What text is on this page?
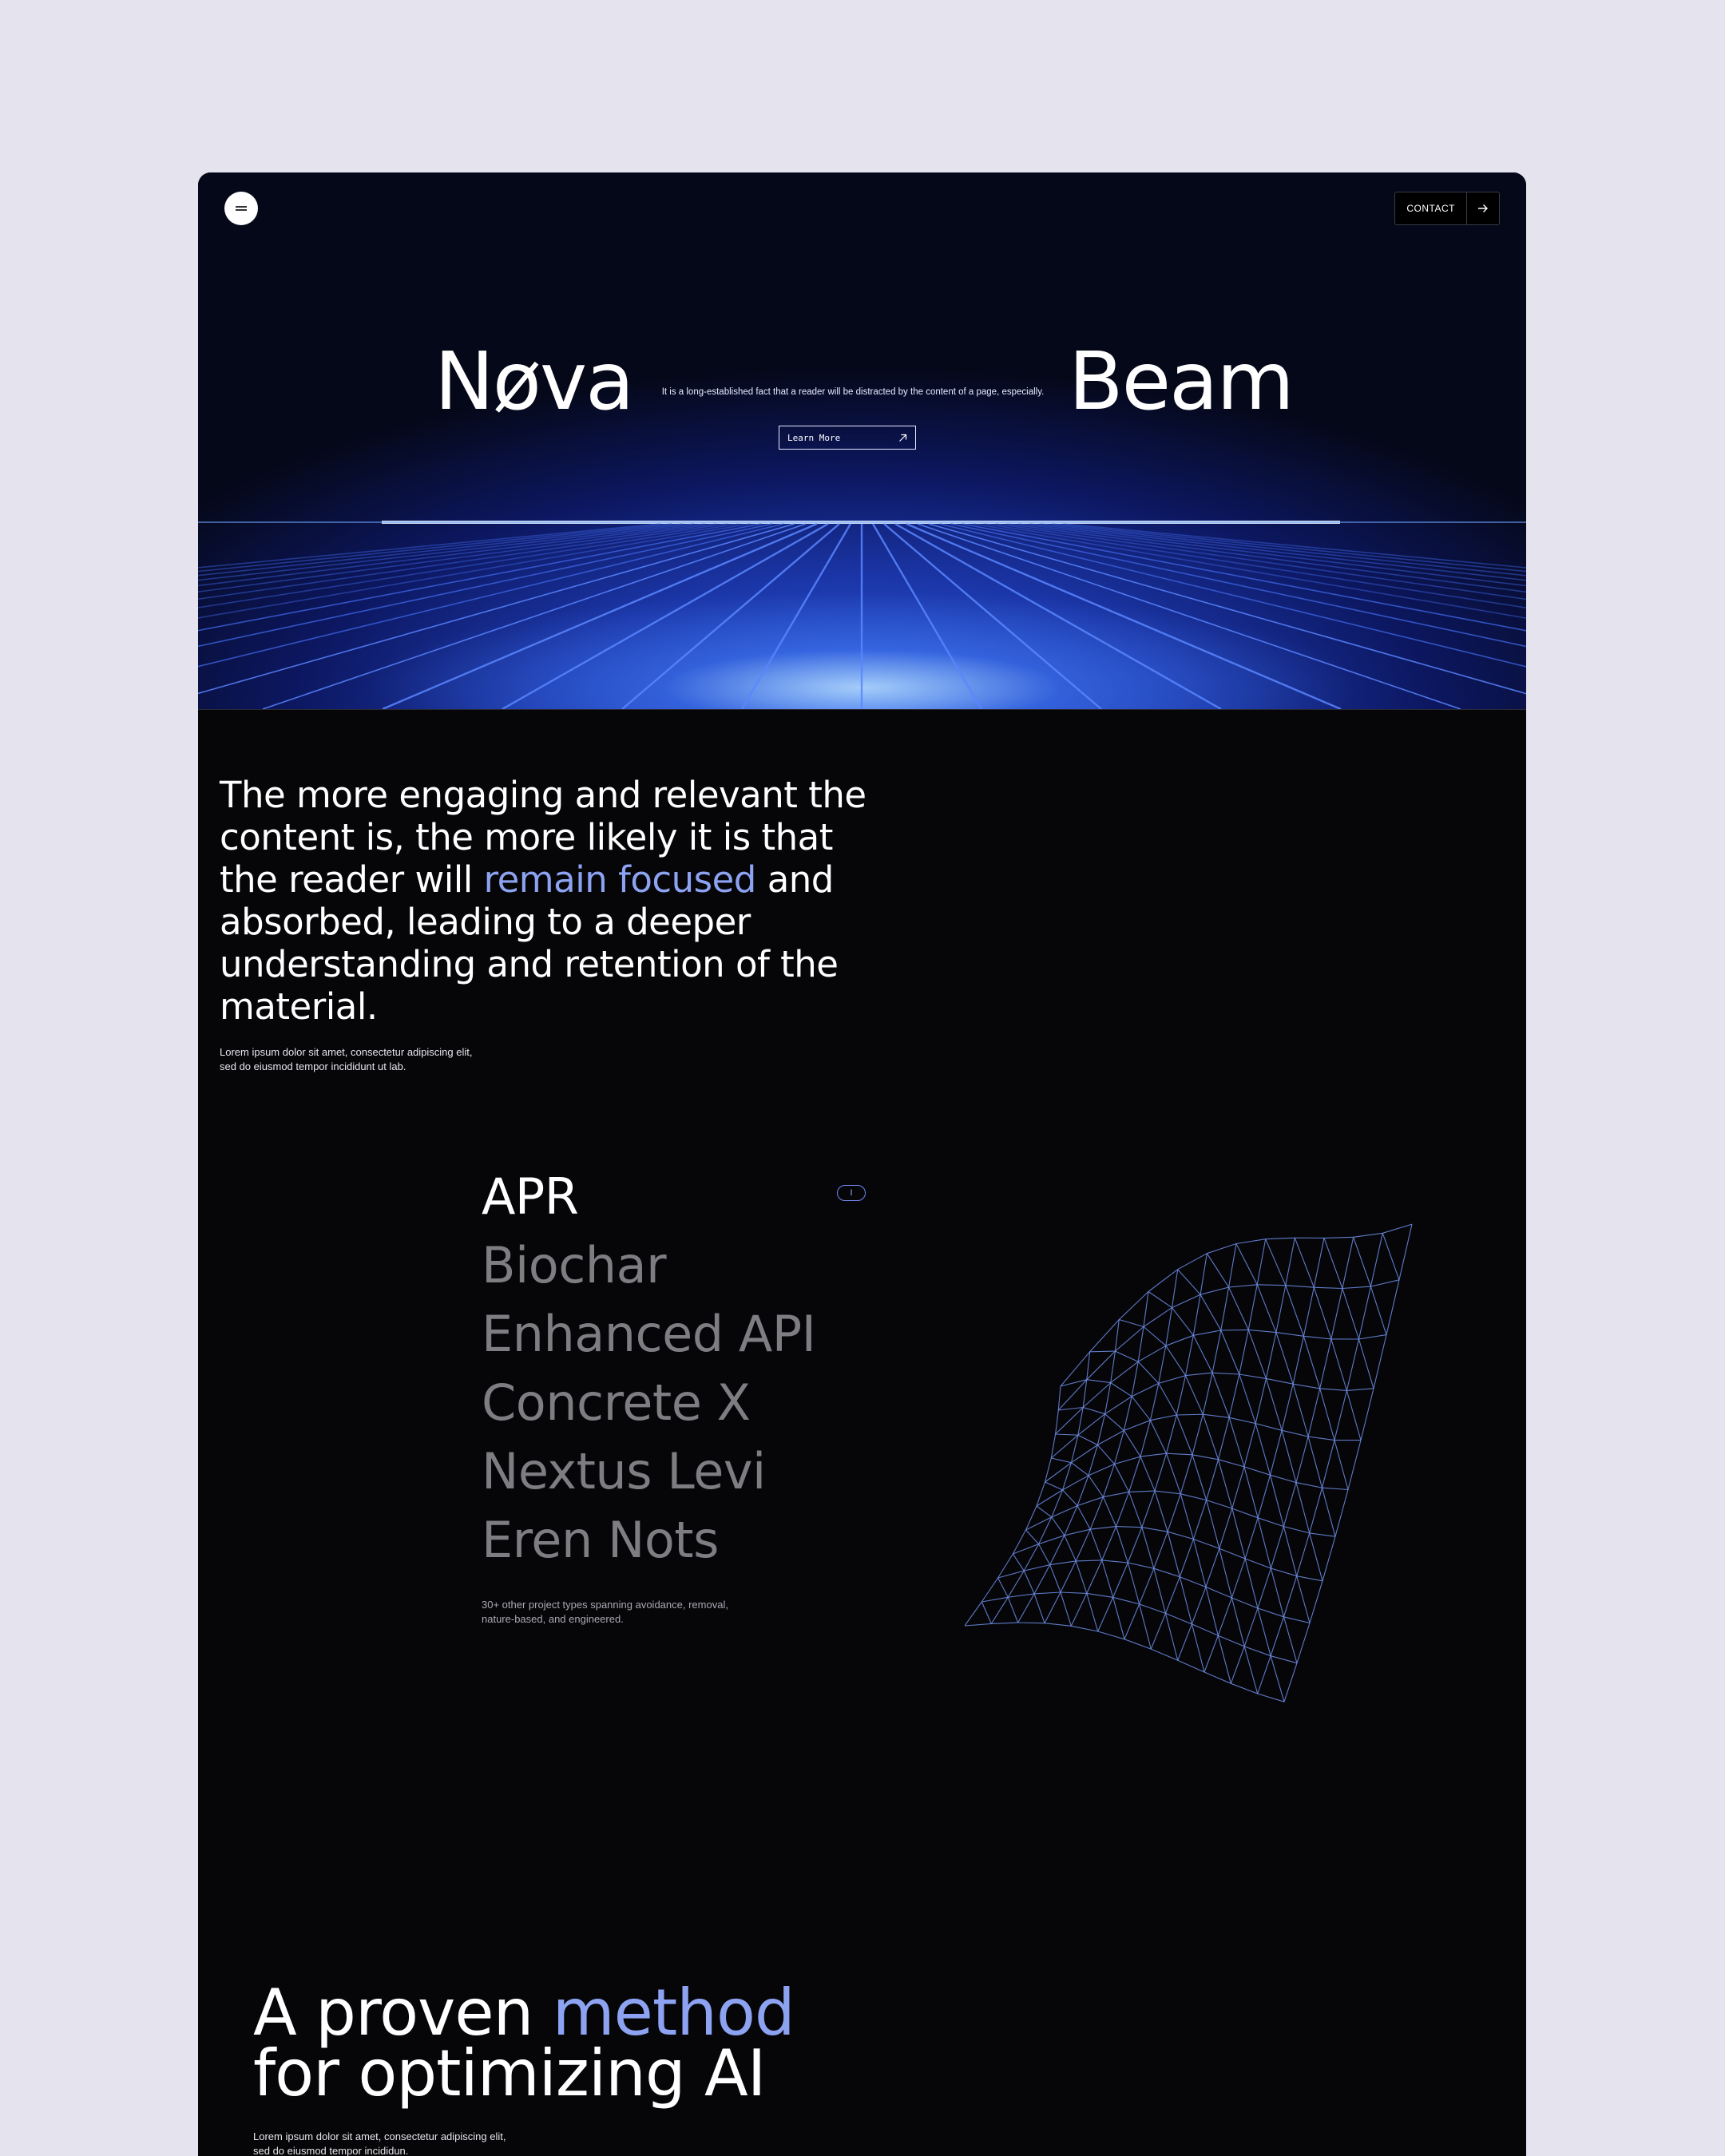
CONTACT
Nøva	It is a long-established fact that a reader will be distracted by the content of a page, especially.
Learn More
Beam
The more engaging and relevant the content is, the more likely it is that the reader will remain focused and absorbed, leading to a deeper understanding and retention of the material.
Lorem ipsum dolor sit amet, consectetur adipiscing elit, sed do eiusmod tempor incididunt ut lab.
APR
Biochar
Enhanced API
Concrete X
Nextus Levi
Eren Nots
I
30+ other project types spanning avoidance, removal, nature-based, and engineered.
A proven method
for optimizing AI
Lorem ipsum dolor sit amet, consectetur adipiscing elit, sed do eiusmod tempor incididun.
